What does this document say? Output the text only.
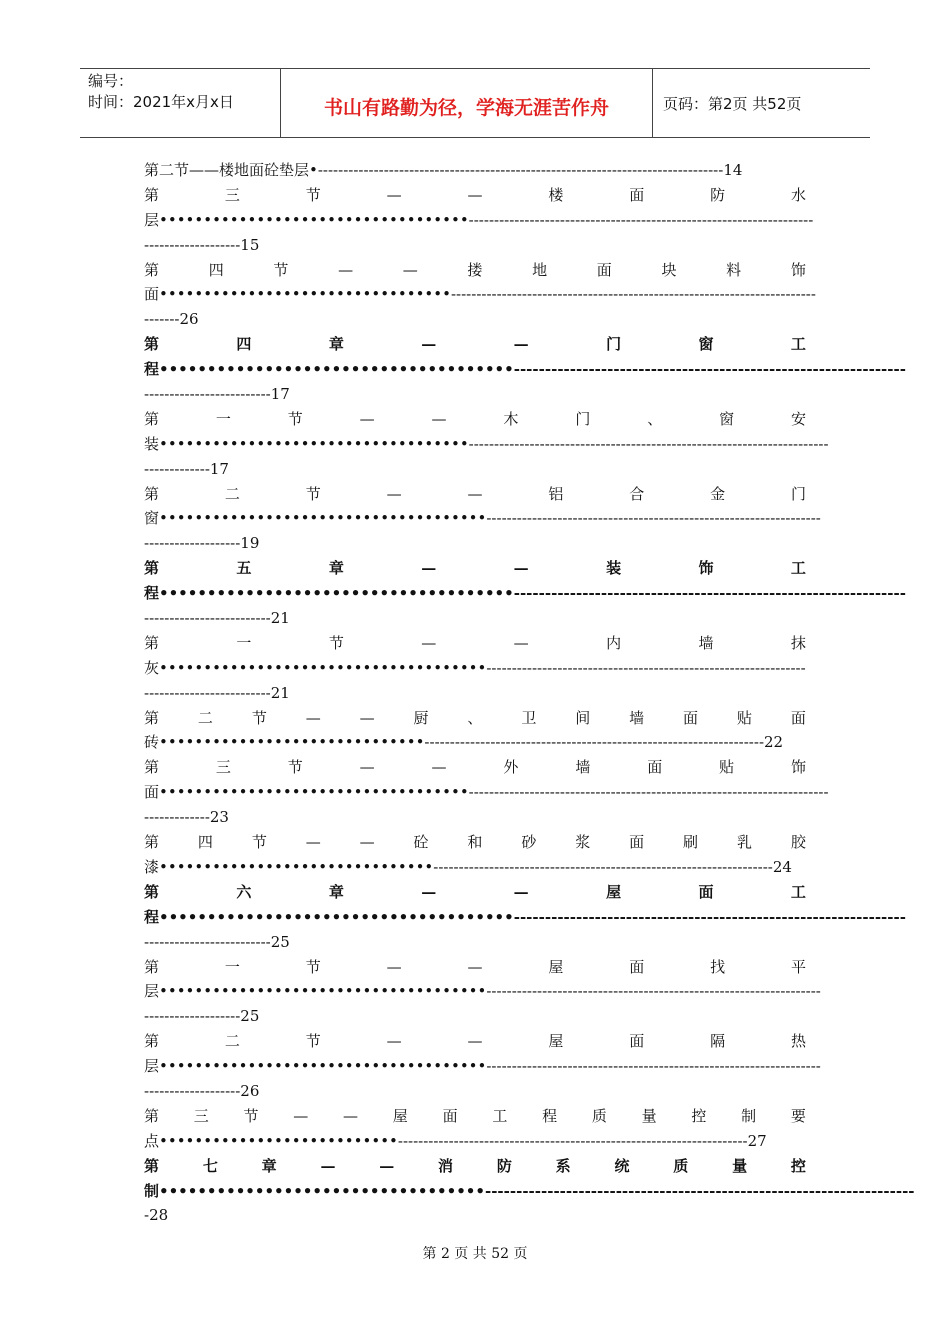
编号：
时间：2021年x月x日	书山有路勤为径，学海无涯苦作舟	页码：第2页 共52页
第二节——楼地面砼垫层•--------------------------------------------------------------------------------14
第	三	节	—	—	楼	面	防	水
层•••••••••••••••••••••••••••••••••••--------------------------------------------------------------------
-------------------15
第	四	节	—	—	搂	地	面	块	料	饰
面•••••••••••••••••••••••••••••••••------------------------------------------------------------------------
-------26
第	四	章	—	—	门	窗	工
程•••••••••••••••••••••••••••••••••••••---------------------------------------------------------------
-------------------------17
第	一	节	—	—	木	门	、	窗	安
装•••••••••••••••••••••••••••••••••••-----------------------------------------------------------------------
-------------17
第	二	节	—	—	铝	合	金	门
窗•••••••••••••••••••••••••••••••••••••------------------------------------------------------------------
-------------------19
第	五	章	—	—	装	饰	工
程•••••••••••••••••••••••••••••••••••••---------------------------------------------------------------
-------------------------21
第	一	节	—	—	内	墙	抹
灰•••••••••••••••••••••••••••••••••••••---------------------------------------------------------------
-------------------------21
第	二	节	—	—	厨	、	卫	间	墙	面	贴	面
砖••••••••••••••••••••••••••••••-------------------------------------------------------------------22
第	三	节	—	—	外	墙	面	贴	饰
面•••••••••••••••••••••••••••••••••••-----------------------------------------------------------------------
-------------23
第	四	节	—	—	砼	和	砂	浆	面	刷	乳	胶
漆•••••••••••••••••••••••••••••••-------------------------------------------------------------------24
第	六	章	—	—	屋	面	工
程•••••••••••••••••••••••••••••••••••••---------------------------------------------------------------
-------------------------25
第	一	节	—	—	屋	面	找	平
层•••••••••••••••••••••••••••••••••••••------------------------------------------------------------------
-------------------25
第	二	节	—	—	屋	面	隔	热
层•••••••••••••••••••••••••••••••••••••------------------------------------------------------------------
-------------------26
第 三 节 — — 屋 面 工 程 质 量 控 制 要
点•••••••••••••••••••••••••••---------------------------------------------------------------------27
第	七	章	—	—	消	防	系	统	质	量	控
制••••••••••••••••••••••••••••••••••---------------------------------------------------------------------
-28
第 2 页 共 52 页
